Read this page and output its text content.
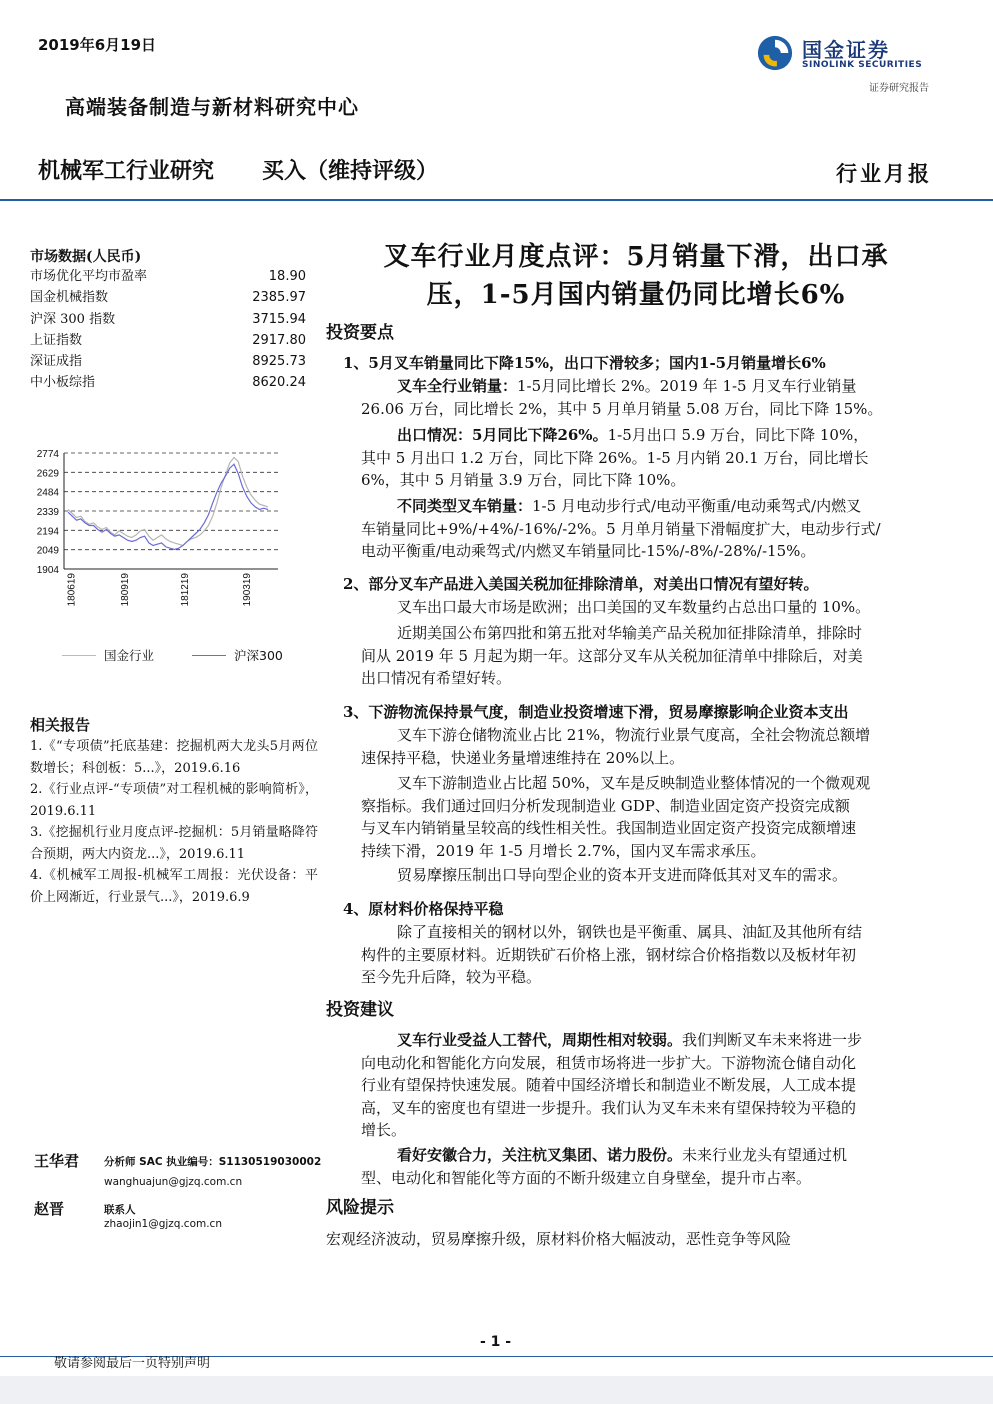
2019年6月19日	国金证券
SINOLINK SECURITIES
证券研究报告
高端装备制造与新材料研究中心
机械军工行业研究 买入（维持评级）	行业月报
市场数据(人民币)
市场优化平均市盈率	18.90
国金机械指数	2385.97
沪深 300 指数	3715.94
上证指数	2917.80
深证成指	8925.73
中小板综指	8620.24
2774
2629
2484
2339
2194
2049
1904
180619	180919	181219	190319
国金行业	沪深300
相关报告
1.《“专项债”托底基建：挖掘机两大龙头5月两位数增长；科创板：5...》，2019.6.16
2.《行业点评-“专项债”对工程机械的影响简析》，2019.6.11
3.《挖掘机行业月度点评-挖掘机：5月销量略降符合预期，两大内资龙...》，2019.6.11
4.《机械军工周报-机械军工周报：光伏设备：平价上网渐近，行业景气...》，2019.6.9
王华君 分析师 SAC 执业编号：S1130519030002
wanghuajun@gjzq.com.cn
赵晋	联系人
zhaojin1@gjzq.com.cn
叉车行业月度点评：5月销量下滑，出口承
压，1-5月国内销量仍同比增长6%
投资要点
1、5月叉车销量同比下降15%，出口下滑较多；国内1-5月销量增长6%
叉车全行业销量：1-5月同比增长 2%。2019 年 1-5 月叉车行业销量
26.06 万台，同比增长 2%，其中 5 月单月销量 5.08 万台，同比下降 15%。
出口情况：5月同比下降26%。1-5月出口 5.9 万台，同比下降 10%，
其中 5 月出口 1.2 万台，同比下降 26%。1-5 月内销 20.1 万台，同比增长
6%，其中 5 月销量 3.9 万台，同比下降 10%。
不同类型叉车销量：1-5 月电动步行式/电动平衡重/电动乘驾式/内燃叉
车销量同比+9%/+4%/-16%/-2%。5 月单月销量下滑幅度扩大，电动步行式/
电动平衡重/电动乘驾式/内燃叉车销量同比-15%/-8%/-28%/-15%。
2、部分叉车产品进入美国关税加征排除清单，对美出口情况有望好转。
叉车出口最大市场是欧洲；出口美国的叉车数量约占总出口量的 10%。
近期美国公布第四批和第五批对华输美产品关税加征排除清单，排除时
间从 2019 年 5 月起为期一年。这部分叉车从关税加征清单中排除后，对美
出口情况有希望好转。
3、下游物流保持景气度，制造业投资增速下滑，贸易摩擦影响企业资本支出
叉车下游仓储物流业占比 21%，物流行业景气度高，全社会物流总额增
速保持平稳，快递业务量增速维持在 20%以上。
叉车下游制造业占比超 50%，叉车是反映制造业整体情况的一个微观观
察指标。我们通过回归分析发现制造业 GDP、制造业固定资产投资完成额
与叉车内销销量呈较高的线性相关性。我国制造业固定资产投资完成额增速
持续下滑，2019 年 1-5 月增长 2.7%，国内叉车需求承压。
贸易摩擦压制出口导向型企业的资本开支进而降低其对叉车的需求。
4、原材料价格保持平稳
除了直接相关的钢材以外，钢铁也是平衡重、属具、油缸及其他所有结
构件的主要原材料。近期铁矿石价格上涨，钢材综合价格指数以及板材年初
至今先升后降，较为平稳。
投资建议
叉车行业受益人工替代，周期性相对较弱。我们判断叉车未来将进一步
向电动化和智能化方向发展，租赁市场将进一步扩大。下游物流仓储自动化
行业有望保持快速发展。随着中国经济增长和制造业不断发展，人工成本提
高，叉车的密度也有望进一步提升。我们认为叉车未来有望保持较为平稳的
增长。
看好安徽合力，关注杭叉集团、诺力股份。未来行业龙头有望通过机
型、电动化和智能化等方面的不断升级建立自身壁垒，提升市占率。
风险提示
宏观经济波动，贸易摩擦升级，原材料价格大幅波动，恶性竞争等风险
- 1 -
敬请参阅最后一页特别声明
